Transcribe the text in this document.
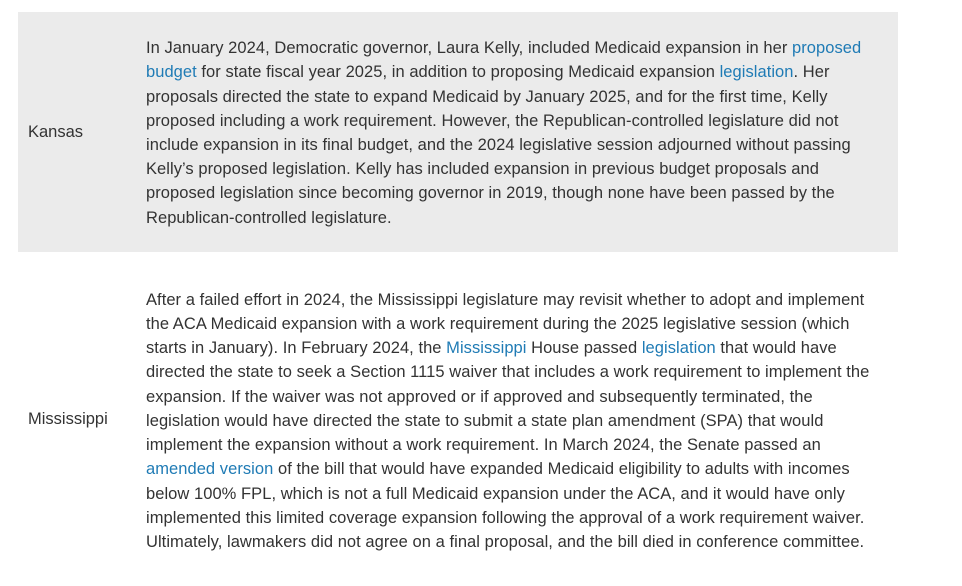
Kansas
In January 2024, Democratic governor, Laura Kelly, included Medicaid expansion in her proposed budget for state fiscal year 2025, in addition to proposing Medicaid expansion legislation. Her proposals directed the state to expand Medicaid by January 2025, and for the first time, Kelly proposed including a work requirement. However, the Republican-controlled legislature did not include expansion in its final budget, and the 2024 legislative session adjourned without passing Kelly’s proposed legislation. Kelly has included expansion in previous budget proposals and proposed legislation since becoming governor in 2019, though none have been passed by the Republican-controlled legislature.
Mississippi
After a failed effort in 2024, the Mississippi legislature may revisit whether to adopt and implement the ACA Medicaid expansion with a work requirement during the 2025 legislative session (which starts in January). In February 2024, the Mississippi House passed legislation that would have directed the state to seek a Section 1115 waiver that includes a work requirement to implement the expansion. If the waiver was not approved or if approved and subsequently terminated, the legislation would have directed the state to submit a state plan amendment (SPA) that would implement the expansion without a work requirement. In March 2024, the Senate passed an amended version of the bill that would have expanded Medicaid eligibility to adults with incomes below 100% FPL, which is not a full Medicaid expansion under the ACA, and it would have only implemented this limited coverage expansion following the approval of a work requirement waiver. Ultimately, lawmakers did not agree on a final proposal, and the bill died in conference committee.
